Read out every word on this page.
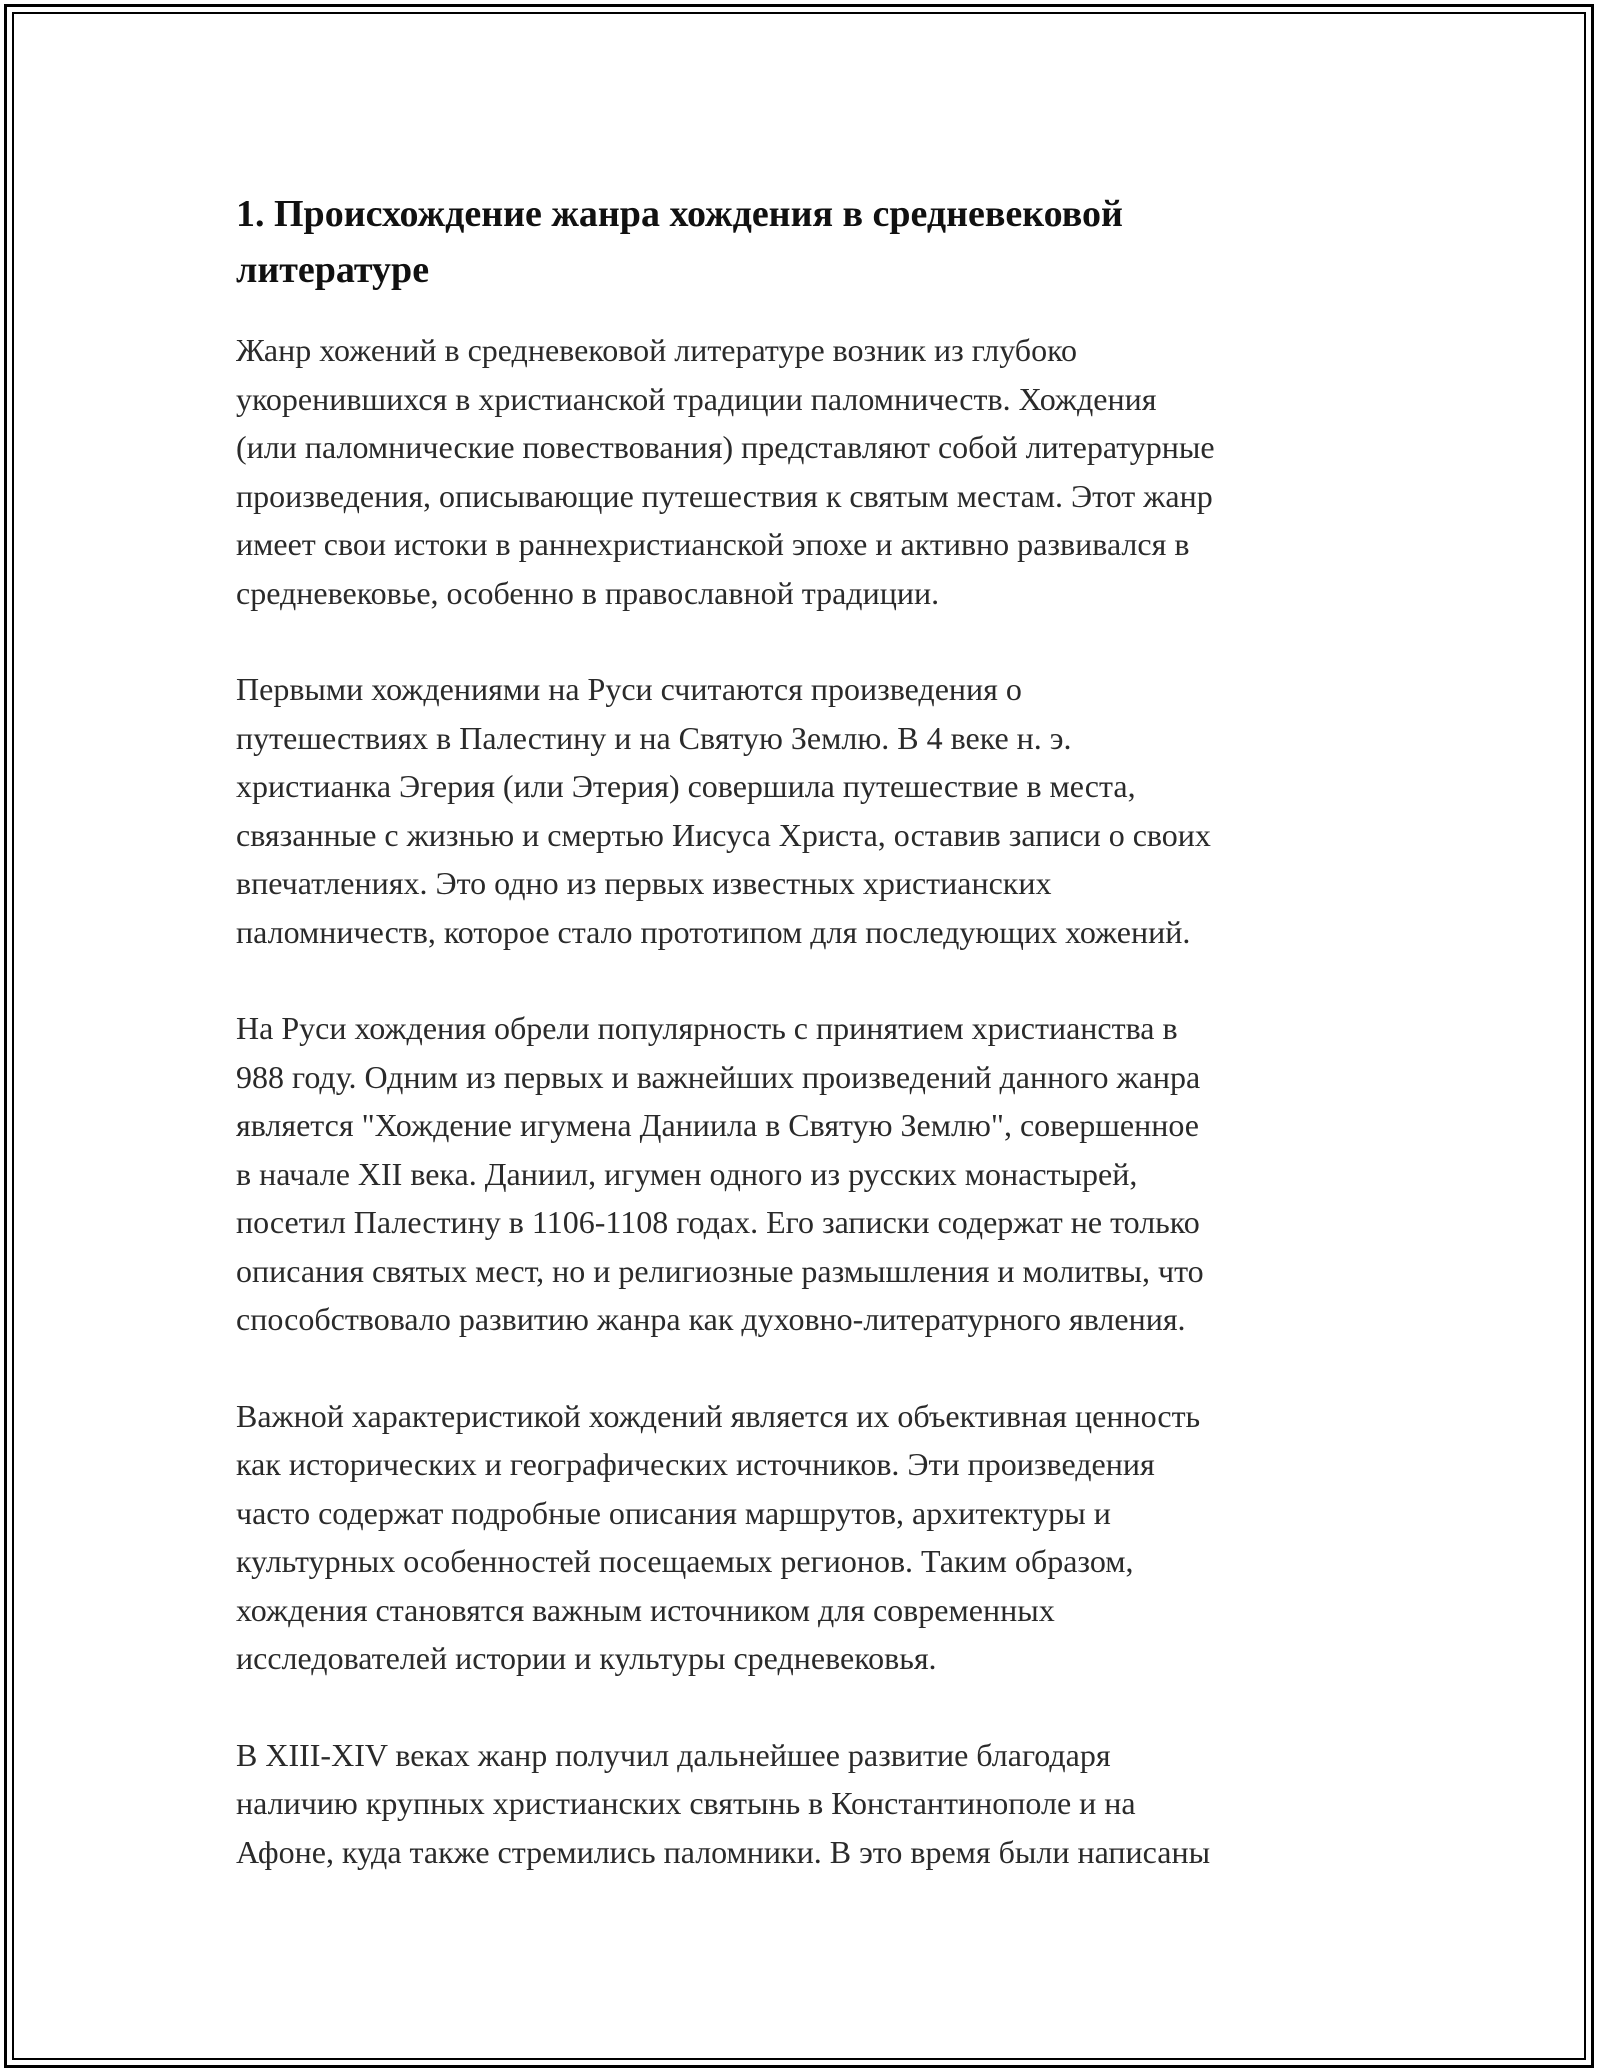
1. Происхождение жанра хождения в средневековой
литературе

Жанр хожений в средневековой литературе возник из глубоко
укоренившихся в христианской традиции паломничеств. Хождения
(или паломнические повествования) представляют собой литературные
произведения, описывающие путешествия к святым местам. Этот жанр
имеет свои истоки в раннехристианской эпохе и активно развивался в
средневековье, особенно в православной традиции.

Первыми хождениями на Руси считаются произведения о
путешествиях в Палестину и на Святую Землю. В 4 веке н. э.
христианка Эгерия (или Этерия) совершила путешествие в места,
связанные с жизнью и смертью Иисуса Христа, оставив записи о своих
впечатлениях. Это одно из первых известных христианских
паломничеств, которое стало прототипом для последующих хожений.

На Руси хождения обрели популярность с принятием христианства в
988 году. Одним из первых и важнейших произведений данного жанра
является "Хождение игумена Даниила в Святую Землю", совершенное
в начале XII века. Даниил, игумен одного из русских монастырей,
посетил Палестину в 1106-1108 годах. Его записки содержат не только
описания святых мест, но и религиозные размышления и молитвы, что
способствовало развитию жанра как духовно-литературного явления.

Важной характеристикой хождений является их объективная ценность
как исторических и географических источников. Эти произведения
часто содержат подробные описания маршрутов, архитектуры и
культурных особенностей посещаемых регионов. Таким образом,
хождения становятся важным источником для современных
исследователей истории и культуры средневековья.

В XIII-XIV веках жанр получил дальнейшее развитие благодаря
наличию крупных христианских святынь в Константинополе и на
Афоне, куда также стремились паломники. В это время были написаны
